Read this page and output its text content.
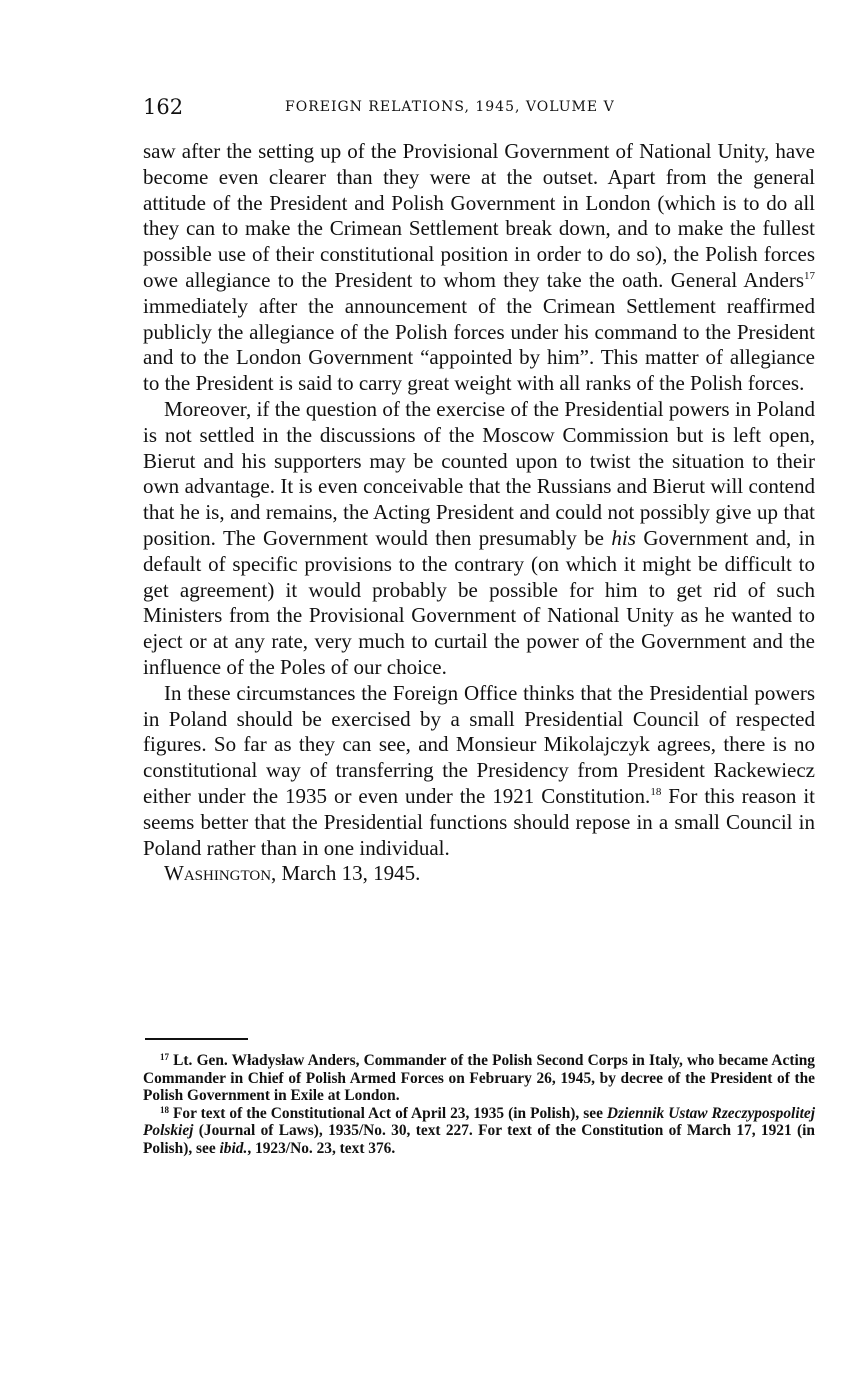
162	FOREIGN RELATIONS, 1945, VOLUME V

saw after the setting up of the Provisional Government of National Unity, have become even clearer than they were at the outset. Apart from the general attitude of the President and Polish Government in London (which is to do all they can to make the Crimean Settlement break down, and to make the fullest possible use of their constitutional position in order to do so), the Polish forces owe allegiance to the President to whom they take the oath. General Anders$^{17}$ immediately after the announcement of the Crimean Settlement reaffirmed publicly the allegiance of the Polish forces under his command to the President and to the London Government “appointed by him”. This matter of allegiance to the President is said to carry great weight with all ranks of the Polish forces.

Moreover, if the question of the exercise of the Presidential powers in Poland is not settled in the discussions of the Moscow Commission but is left open, Bierut and his supporters may be counted upon to twist the situation to their own advantage. It is even conceivable that the Russians and Bierut will contend that he is, and remains, the Acting President and could not possibly give up that position. The Government would then presumably be his Government and, in default of specific provisions to the contrary (on which it might be difficult to get agreement) it would probably be possible for him to get rid of such Ministers from the Provisional Government of National Unity as he wanted to eject or at any rate, very much to curtail the power of the Government and the influence of the Poles of our choice.

In these circumstances the Foreign Office thinks that the Presidential powers in Poland should be exercised by a small Presidential Council of respected figures. So far as they can see, and Monsieur Mikolajczyk agrees, there is no constitutional way of transferring the Presidency from President Rackewiecz either under the 1935 or even under the 1921 Constitution.$^{18}$ For this reason it seems better that the Presidential functions should repose in a small Council in Poland rather than in one individual.

Washington, March 13, 1945.

$^{17}$ Lt. Gen. Władysław Anders, Commander of the Polish Second Corps in Italy, who became Acting Commander in Chief of Polish Armed Forces on February 26, 1945, by decree of the President of the Polish Government in Exile at London.

$^{18}$ For text of the Constitutional Act of April 23, 1935 (in Polish), see Dziennik Ustaw Rzeczypospolitej Polskiej (Journal of Laws), 1935/No. 30, text 227. For text of the Constitution of March 17, 1921 (in Polish), see ibid., 1923/No. 23, text 376.
